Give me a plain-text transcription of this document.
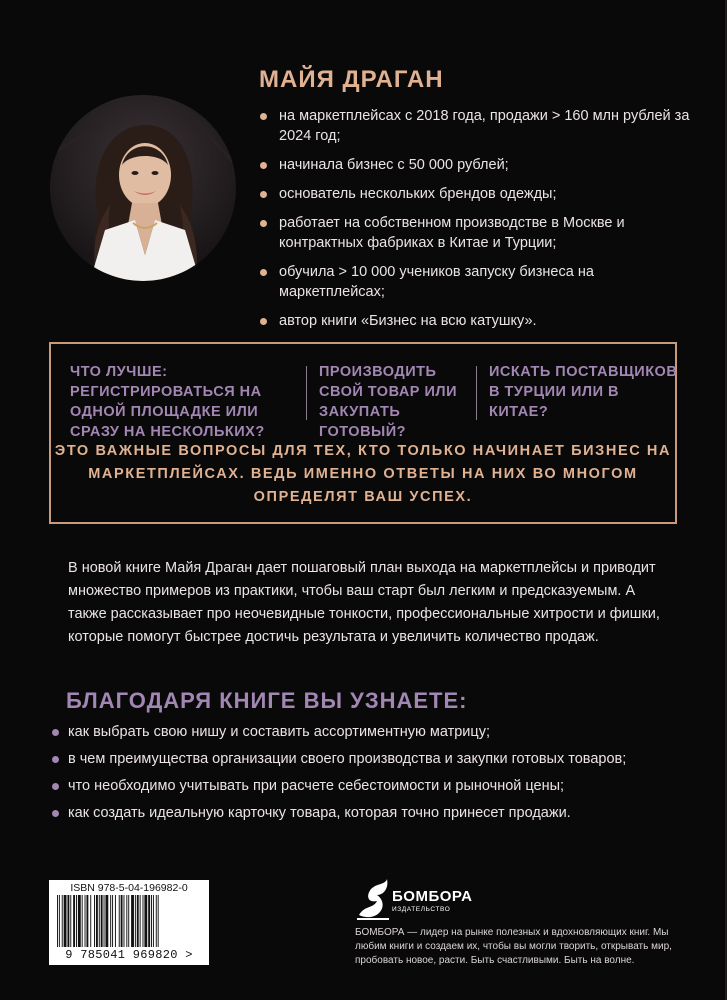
МАЙЯ ДРАГАН
на маркетплейсах с 2018 года, продажи > 160 млн рублей за 2024 год;
начинала бизнес с 50 000 рублей;
основатель нескольких брендов одежды;
работает на собственном производстве в Москве и контрактных фабриках в Китае и Турции;
обучила > 10 000 учеников запуску бизнеса на маркетплейсах;
автор книги «Бизнес на всю катушку».
ЧТО ЛУЧШЕ: РЕГИСТРИРОВАТЬСЯ НА ОДНОЙ ПЛОЩАДКЕ ИЛИ СРАЗУ НА НЕСКОЛЬКИХ?
ПРОИЗВОДИТЬ СВОЙ ТОВАР ИЛИ ЗАКУПАТЬ ГОТОВЫЙ?
ИСКАТЬ ПОСТАВЩИКОВ В ТУРЦИИ ИЛИ В КИТАЕ?
ЭТО ВАЖНЫЕ ВОПРОСЫ ДЛЯ ТЕХ, КТО ТОЛЬКО НАЧИНАЕТ БИЗНЕС НА МАРКЕТПЛЕЙСАХ. ВЕДЬ ИМЕННО ОТВЕТЫ НА НИХ ВО МНОГОМ ОПРЕДЕЛЯТ ВАШ УСПЕХ.

В новой книге Майя Драган дает пошаговый план выхода на маркетплейсы и приводит множество примеров из практики, чтобы ваш старт был легким и предсказуемым. А также рассказывает про неочевидные тонкости, профессиональные хитрости и фишки, которые помогут быстрее достичь результата и увеличить количество продаж.

БЛАГОДАРЯ КНИГЕ ВЫ УЗНАЕТЕ:
как выбрать свою нишу и составить ассортиментную матрицу;
в чем преимущества организации своего производства и закупки готовых товаров;
что необходимо учитывать при расчете себестоимости и рыночной цены;
как создать идеальную карточку товара, которая точно принесет продажи.
ISBN 978-5-04-196982-0
9 785041 969820 >
БОМБОРА
ИЗДАТЕЛЬСТВО

БОМБОРА — лидер на рынке полезных и вдохновляющих книг. Мы любим книги и создаем их, чтобы вы могли творить, открывать мир, пробовать новое, расти. Быть счастливыми. Быть на волне.
